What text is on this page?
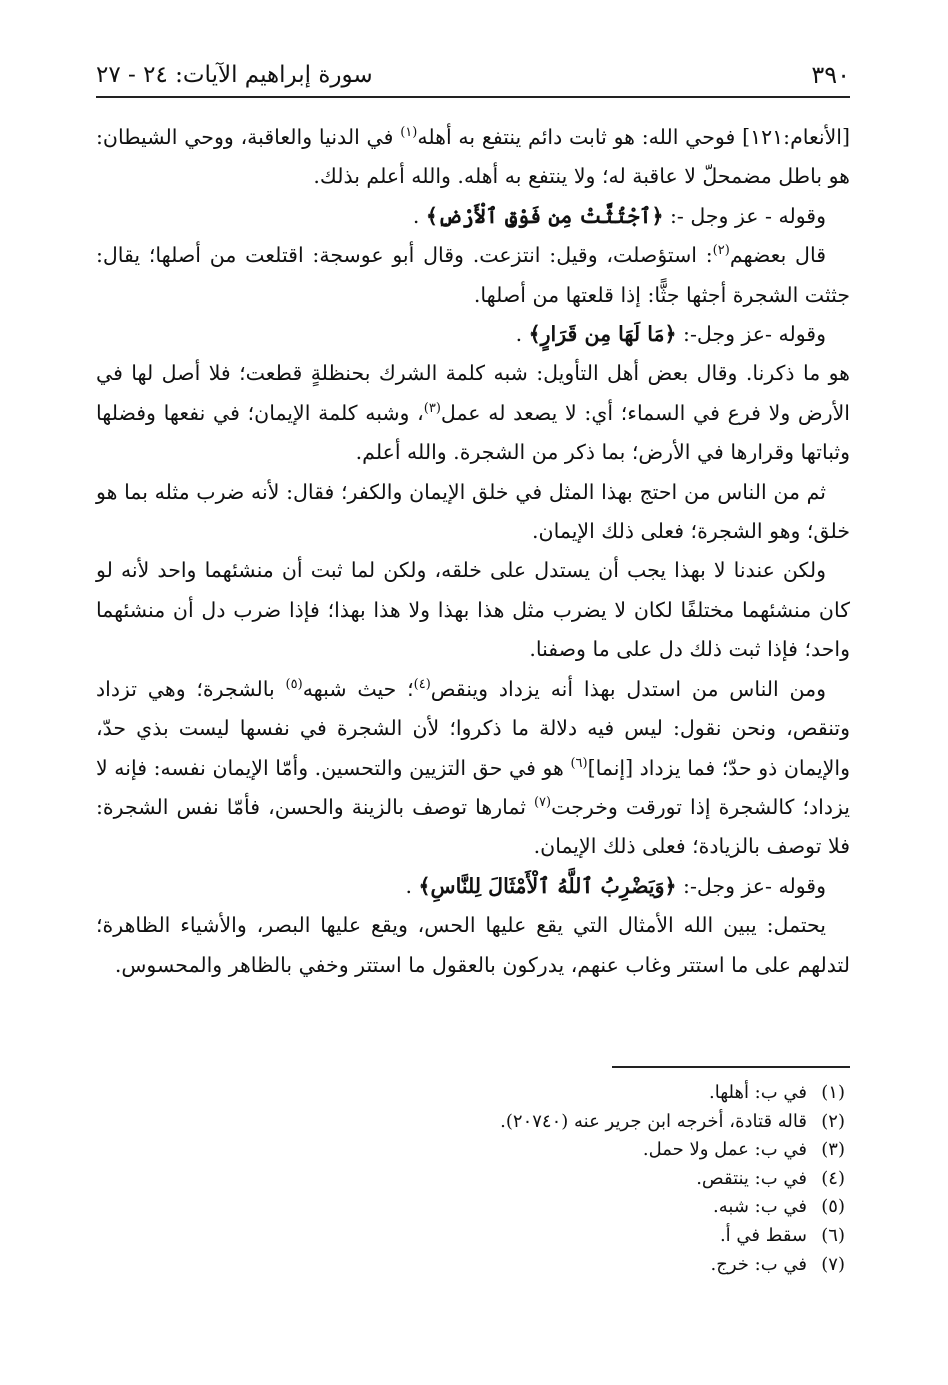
٣٩٠
سورة إبراهيم الآيات: ٢٤ - ٢٧

[الأنعام:١٢١] فوحي الله: هو ثابت دائم ينتفع به أهله$^{(١)}$ في الدنيا والعاقبة، ووحي الشيطان: هو باطل مضمحلّ لا عاقبة له؛ ولا ينتفع به أهله. والله أعلم بذلك.

وقوله - عز وجل -: ﴿ٱجْتُثَّتْ مِن فَوْقِ ٱلْأَرْضِ﴾ .

قال بعضهم$^{(٢)}$: استؤصلت، وقيل: انتزعت. وقال أبو عوسجة: اقتلعت من أصلها؛ يقال: جثثت الشجرة أجثها جثًّا: إذا قلعتها من أصلها.

وقوله -عز وجل-: ﴿مَا لَهَا مِن قَرَارٍ﴾ .

هو ما ذكرنا. وقال بعض أهل التأويل: شبه كلمة الشرك بحنظلةٍ قطعت؛ فلا أصل لها في الأرض ولا فرع في السماء؛ أي: لا يصعد له عمل$^{(٣)}$، وشبه كلمة الإيمان؛ في نفعها وفضلها وثباتها وقرارها في الأرض؛ بما ذكر من الشجرة. والله أعلم.

ثم من الناس من احتج بهذا المثل في خلق الإيمان والكفر؛ فقال: لأنه ضرب مثله بما هو خلق؛ وهو الشجرة؛ فعلى ذلك الإيمان.

ولكن عندنا لا بهذا يجب أن يستدل على خلقه، ولكن لما ثبت أن منشئهما واحد لأنه لو كان منشئهما مختلفًا لكان لا يضرب مثل هذا بهذا ولا هذا بهذا؛ فإذا ضرب دل أن منشئهما واحد؛ فإذا ثبت ذلك دل على ما وصفنا.

ومن الناس من استدل بهذا أنه يزداد وينقص$^{(٤)}$؛ حيث شبهه$^{(٥)}$ بالشجرة؛ وهي تزداد وتنقص، ونحن نقول: ليس فيه دلالة ما ذكروا؛ لأن الشجرة في نفسها ليست بذي حدّ، والإيمان ذو حدّ؛ فما يزداد [إنما]$^{(٦)}$ هو في حق التزيين والتحسين. وأمّا الإيمان نفسه: فإنه لا يزداد؛ كالشجرة إذا تورقت وخرجت$^{(٧)}$ ثمارها توصف بالزينة والحسن، فأمّا نفس الشجرة: فلا توصف بالزيادة؛ فعلى ذلك الإيمان.

وقوله -عز وجل-: ﴿وَيَضْرِبُ ٱللَّهُ ٱلْأَمْثَالَ لِلنَّاسِ﴾ .

يحتمل: يبين الله الأمثال التي يقع عليها الحس، ويقع عليها البصر، والأشياء الظاهرة؛ لتدلهم على ما استتر وغاب عنهم، يدركون بالعقول ما استتر وخفي بالظاهر والمحسوس.

(١)في ب: أهلها.
(٢)قاله قتادة، أخرجه ابن جرير عنه (٢٠٧٤٠).
(٣)في ب: عمل ولا حمل.
(٤)في ب: ينتقص.
(٥)في ب: شبه.
(٦)سقط في أ.
(٧)في ب: خرج.
